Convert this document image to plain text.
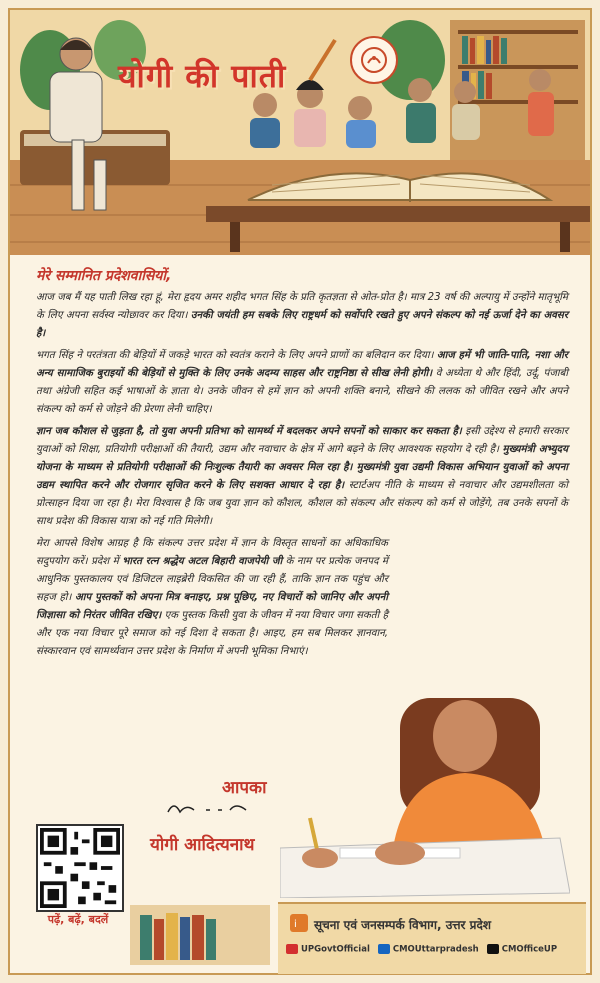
योगी की पाती
मेरे सम्मानित प्रदेशवासियों,

आज जब मैं यह पाती लिख रहा हूं, मेरा हृदय अमर शहीद भगत सिंह के प्रति कृतज्ञता से ओत-प्रोत है। मात्र 23 वर्ष की अल्पायु में उन्होंने मातृभूमि के लिए अपना सर्वस्व न्योछावर कर दिया। उनकी जयंती हम सबके लिए राष्ट्रधर्म को सर्वोपरि रखते हुए अपने संकल्प को नई ऊर्जा देने का अवसर है।

भगत सिंह ने परतंत्रता की बेड़ियों में जकड़े भारत को स्वतंत्र कराने के लिए अपने प्राणों का बलिदान कर दिया। आज हमें भी जाति-पाति, नशा और अन्य सामाजिक बुराइयों की बेड़ियों से मुक्ति के लिए उनके अदम्य साहस और राष्ट्रनिष्ठा से सीख लेनी होगी। वे अध्येता थे और हिंदी, उर्दू, पंजाबी तथा अंग्रेजी सहित कई भाषाओं के ज्ञाता थे। उनके जीवन से हमें ज्ञान को अपनी शक्ति बनाने, सीखने की ललक को जीवित रखने और अपने संकल्प को कर्म से जोड़ने की प्रेरणा लेनी चाहिए।

ज्ञान जब कौशल से जुड़ता है, तो युवा अपनी प्रतिभा को सामर्थ्य में बदलकर अपने सपनों को साकार कर सकता है। इसी उद्देश्य से हमारी सरकार युवाओं को शिक्षा, प्रतियोगी परीक्षाओं की तैयारी, उद्यम और नवाचार के क्षेत्र में आगे बढ़ने के लिए आवश्यक सहयोग दे रही है। मुख्यमंत्री अभ्युदय योजना के माध्यम से प्रतियोगी परीक्षाओं की निःशुल्क तैयारी का अवसर मिल रहा है। मुख्यमंत्री युवा उद्यमी विकास अभियान युवाओं को अपना उद्यम स्थापित करने और रोजगार सृजित करने के लिए सशक्त आधार दे रहा है। स्टार्टअप नीति के माध्यम से नवाचार और उद्यमशीलता को प्रोत्साहन दिया जा रहा है। मेरा विश्वास है कि जब युवा ज्ञान को कौशल, कौशल को संकल्प और संकल्प को कर्म से जोड़ेंगे, तब उनके सपनों के साथ प्रदेश की विकास यात्रा को नई गति मिलेगी।

मेरा आपसे विशेष आग्रह है कि संकल्प उत्तर प्रदेश में ज्ञान के विस्तृत साधनों का अधिकाधिक सदुपयोग करें। प्रदेश में भारत रत्न श्रद्धेय अटल बिहारी वाजपेयी जी के नाम पर प्रत्येक जनपद में आधुनिक पुस्तकालय एवं डिजिटल लाइब्रेरी विकसित की जा रही हैं, ताकि ज्ञान तक पहुंच और सहज हो। आप पुस्तकों को अपना मित्र बनाइए, प्रश्न पूछिए, नए विचारों को जानिए और अपनी जिज्ञासा को निरंतर जीवित रखिए। एक पुस्तक किसी युवा के जीवन में नया विचार जगा सकती है और एक नया विचार पूरे समाज को नई दिशा दे सकता है। आइए, हम सब मिलकर ज्ञानवान, संस्कारवान एवं सामर्थ्यवान उत्तर प्रदेश के निर्माण में अपनी भूमिका निभाएं।

आपका
योगी आदित्यनाथ
पढ़ें, बढ़ें, बदलें	i सूचना एवं जनसम्पर्क विभाग, उत्तर प्रदेश
UPGovtOfficial	CMOUttarpradesh	CMOfficeUP
